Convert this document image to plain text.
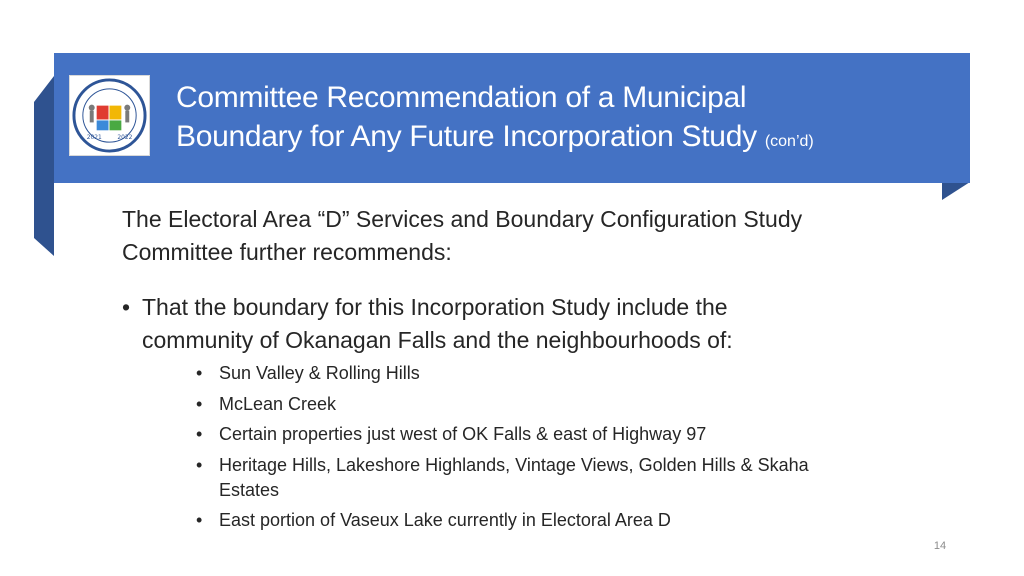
2021	2022
Committee Recommendation of a Municipal
Boundary for Any Future Incorporation Study (con’d)
The Electoral Area “D” Services and Boundary Configuration Study
Committee further recommends:
• That the boundary for this Incorporation Study include the
community of Okanagan Falls and the neighbourhoods of:
• Sun Valley & Rolling Hills
• McLean Creek
• Certain properties just west of OK Falls & east of Highway 97
• Heritage Hills, Lakeshore Highlands, Vintage Views, Golden Hills & Skaha
Estates
• East portion of Vaseux Lake currently in Electoral Area D
14
